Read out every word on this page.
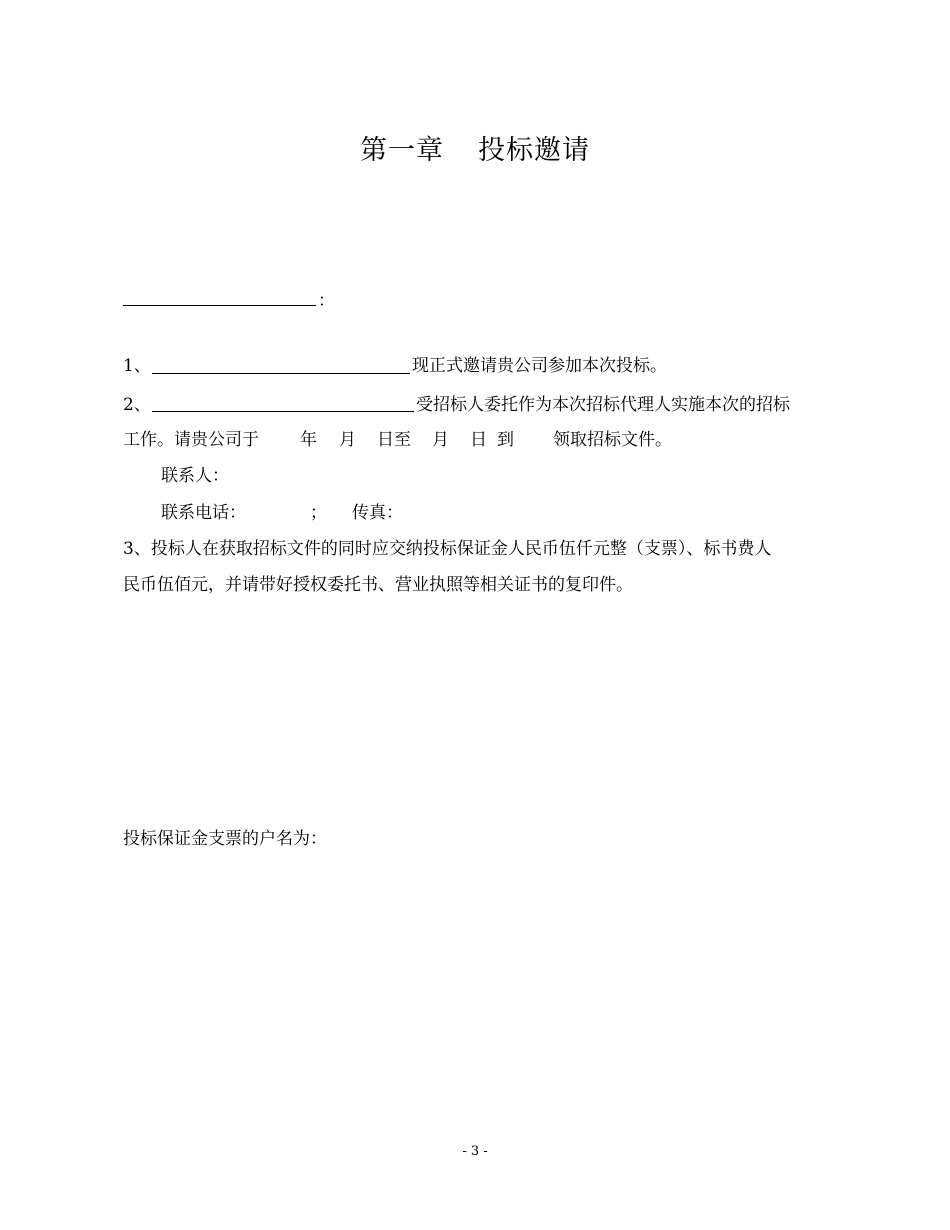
第一章 投标邀请
：
1、	现正式邀请贵公司参加本次投标。
2、	受招标人委托作为本次招标代理人实施本次的招标
工作。请贵公司于 年 月 日至 月 日 到 领取招标文件。
联系人：
联系电话：	； 传真：
3、投标人在获取招标文件的同时应交纳投标保证金人民币伍仟元整（支票）、标书费人
民币伍佰元，并请带好授权委托书、营业执照等相关证书的复印件。
投标保证金支票的户名为：
- 3 -
